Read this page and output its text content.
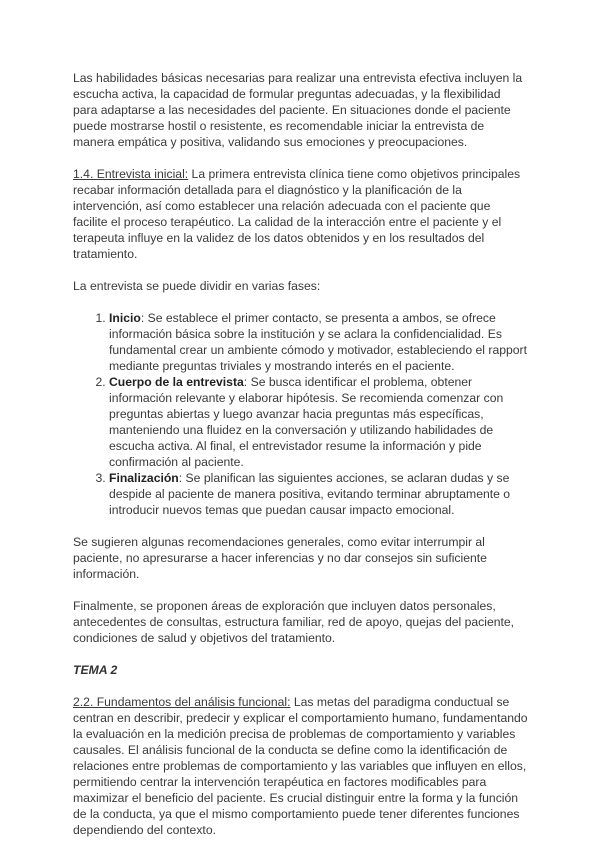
Las habilidades básicas necesarias para realizar una entrevista efectiva incluyen la escucha activa, la capacidad de formular preguntas adecuadas, y la flexibilidad para adaptarse a las necesidades del paciente. En situaciones donde el paciente puede mostrarse hostil o resistente, es recomendable iniciar la entrevista de manera empática y positiva, validando sus emociones y preocupaciones.

1.4. Entrevista inicial: La primera entrevista clínica tiene como objetivos principales recabar información detallada para el diagnóstico y la planificación de la intervención, así como establecer una relación adecuada con el paciente que facilite el proceso terapéutico. La calidad de la interacción entre el paciente y el terapeuta influye en la validez de los datos obtenidos y en los resultados del tratamiento.

La entrevista se puede dividir en varias fases:

1. Inicio: Se establece el primer contacto, se presenta a ambos, se ofrece información básica sobre la institución y se aclara la confidencialidad. Es fundamental crear un ambiente cómodo y motivador, estableciendo el rapport mediante preguntas triviales y mostrando interés en el paciente.
2. Cuerpo de la entrevista: Se busca identificar el problema, obtener información relevante y elaborar hipótesis. Se recomienda comenzar con preguntas abiertas y luego avanzar hacia preguntas más específicas, manteniendo una fluidez en la conversación y utilizando habilidades de escucha activa. Al final, el entrevistador resume la información y pide confirmación al paciente.
3. Finalización: Se planifican las siguientes acciones, se aclaran dudas y se despide al paciente de manera positiva, evitando terminar abruptamente o introducir nuevos temas que puedan causar impacto emocional.

Se sugieren algunas recomendaciones generales, como evitar interrumpir al paciente, no apresurarse a hacer inferencias y no dar consejos sin suficiente información.

Finalmente, se proponen áreas de exploración que incluyen datos personales, antecedentes de consultas, estructura familiar, red de apoyo, quejas del paciente, condiciones de salud y objetivos del tratamiento.

TEMA 2

2.2. Fundamentos del análisis funcional: Las metas del paradigma conductual se centran en describir, predecir y explicar el comportamiento humano, fundamentando la evaluación en la medición precisa de problemas de comportamiento y variables causales. El análisis funcional de la conducta se define como la identificación de relaciones entre problemas de comportamiento y las variables que influyen en ellos, permitiendo centrar la intervención terapéutica en factores modificables para maximizar el beneficio del paciente. Es crucial distinguir entre la forma y la función de la conducta, ya que el mismo comportamiento puede tener diferentes funciones dependiendo del contexto.
